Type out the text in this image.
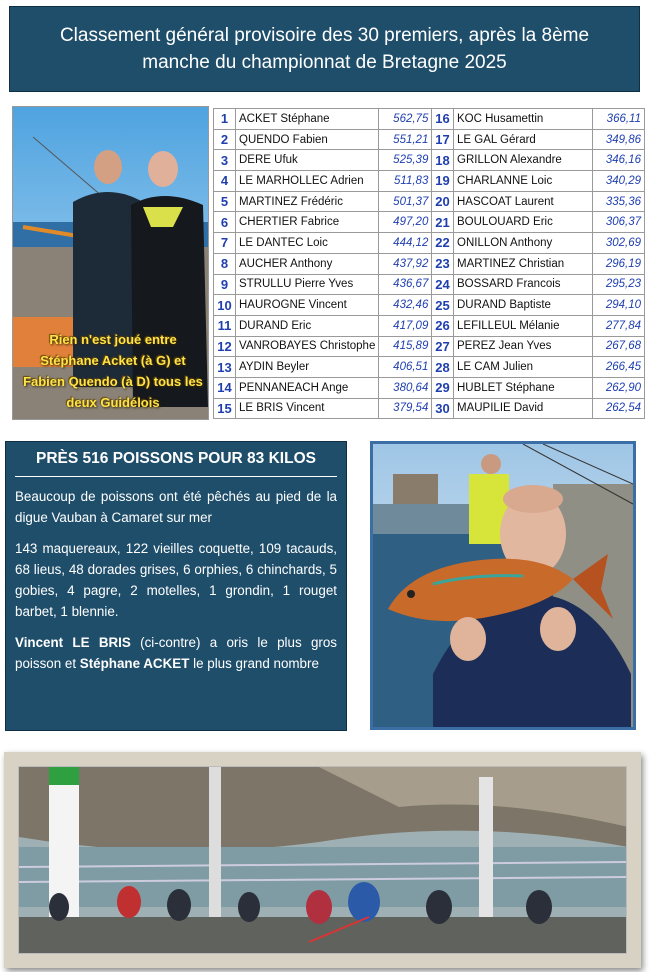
Classement général provisoire des 30 premiers, après la 8ème
manche du championnat de Bretagne 2025
Rien n'est joué entre Stéphane Acket (à G) et Fabien Quendo (à D) tous les deux Guidélois
1	ACKET Stéphane	562,75
2	QUENDO Fabien	551,21
3	DERE Ufuk	525,39
4	LE MARHOLLEC Adrien	511,83
5	MARTINEZ Frédéric	501,37
6	CHERTIER Fabrice	497,20
7	LE DANTEC Loic	444,12
8	AUCHER Anthony	437,92
9	STRULLU Pierre Yves	436,67
10	HAUROGNE Vincent	432,46
11	DURAND Eric	417,09
12	VANROBAYES Christophe	415,89
13	AYDIN Beyler	406,51
14	PENNANEACH Ange	380,64
15	LE BRIS Vincent	379,54
16	KOC Husamettin	366,11
17	LE GAL Gérard	349,86
18	GRILLON Alexandre	346,16
19	CHARLANNE Loic	340,29
20	HASCOAT Laurent	335,36
21	BOULOUARD Eric	306,37
22	ONILLON Anthony	302,69
23	MARTINEZ Christian	296,19
24	BOSSARD Francois	295,23
25	DURAND Baptiste	294,10
26	LEFILLEUL Mélanie	277,84
27	PEREZ Jean Yves	267,68
28	LE CAM Julien	266,45
29	HUBLET Stéphane	262,90
30	MAUPILIE David	262,54
PRÈS 516 POISSONS POUR 83 KILOS

Beaucoup de poissons ont été pêchés au pied de la digue Vauban à Camaret sur mer

143 maquereaux, 122 vieilles coquette, 109 tacauds, 68 lieus, 48 dorades grises, 6 orphies, 6 chinchards, 5 gobies, 4 pagre, 2 motelles, 1 grondin, 1 rouget barbet, 1 blennie.

Vincent LE BRIS (ci-contre) a oris le plus gros poisson et Stéphane ACKET le plus grand nombre
